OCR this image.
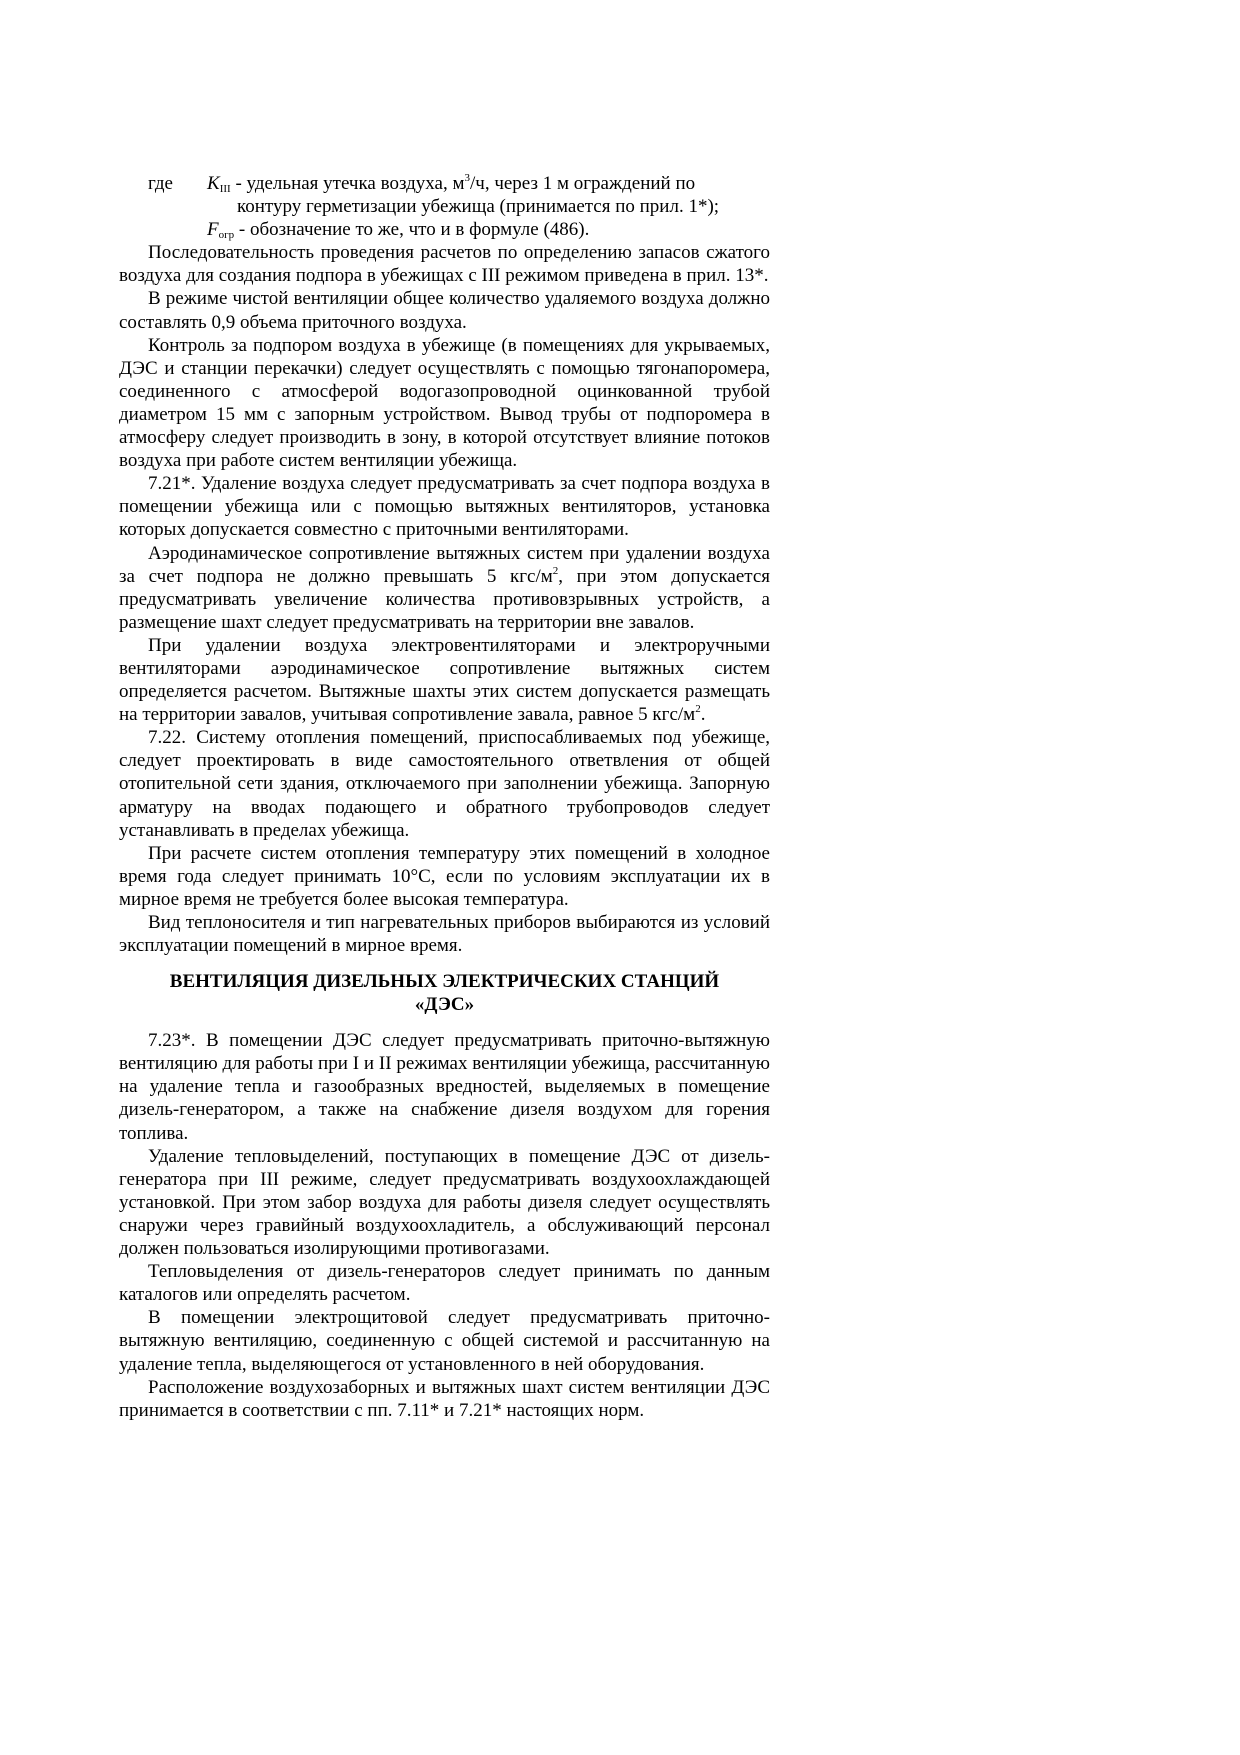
где $K_{III}$ - удельная утечка воздуха, $м^3/ч$, через 1 м ограждений по
контуру герметизации убежища (принимается по прил. 1*);
$F_{огр}$ - обозначение то же, что и в формуле (486).

Последовательность проведения расчетов по определению запасов сжатого воздуха для создания подпора в убежищах с III режимом приведена в прил. 13*.

В режиме чистой вентиляции общее количество удаляемого воздуха должно составлять 0,9 объема приточного воздуха.

Контроль за подпором воздуха в убежище (в помещениях для укрываемых, ДЭС и станции перекачки) следует осуществлять с помощью тягонапоромера, соединенного с атмосферой водогазопроводной оцинкованной трубой диаметром 15 мм с запорным устройством. Вывод трубы от подпоромера в атмосферу следует производить в зону, в которой отсутствует влияние потоков воздуха при работе систем вентиляции убежища.

7.21*. Удаление воздуха следует предусматривать за счет подпора воздуха в помещении убежища или с помощью вытяжных вентиляторов, установка которых допускается совместно с приточными вентиляторами.

Аэродинамическое сопротивление вытяжных систем при удалении воздуха за счет подпора не должно превышать 5 кгс/$м^2$, при этом допускается предусматривать увеличение количества противовзрывных устройств, а размещение шахт следует предусматривать на территории вне завалов.

При удалении воздуха электровентиляторами и электроручными вентиляторами аэродинамическое сопротивление вытяжных систем определяется расчетом. Вытяжные шахты этих систем допускается размещать на территории завалов, учитывая сопротивление завала, равное 5 кгс/$м^2$.

7.22. Систему отопления помещений, приспосабливаемых под убежище, следует проектировать в виде самостоятельного ответвления от общей отопительной сети здания, отключаемого при заполнении убежища. Запорную арматуру на вводах подающего и обратного трубопроводов следует устанавливать в пределах убежища.

При расчете систем отопления температуру этих помещений в холодное время года следует принимать 10°С, если по условиям эксплуатации их в мирное время не требуется более высокая температура.

Вид теплоносителя и тип нагревательных приборов выбираются из условий эксплуатации помещений в мирное время.

ВЕНТИЛЯЦИЯ ДИЗЕЛЬНЫХ ЭЛЕКТРИЧЕСКИХ СТАНЦИЙ
«ДЭС»

7.23*. В помещении ДЭС следует предусматривать приточно-вытяжную вентиляцию для работы при I и II режимах вентиляции убежища, рассчитанную на удаление тепла и газообразных вредностей, выделяемых в помещение дизель-генератором, а также на снабжение дизеля воздухом для горения топлива.

Удаление тепловыделений, поступающих в помещение ДЭС от дизель-генератора при III режиме, следует предусматривать воздухоохлаждающей установкой. При этом забор воздуха для работы дизеля следует осуществлять снаружи через гравийный воздухоохладитель, а обслуживающий персонал должен пользоваться изолирующими противогазами.

Тепловыделения от дизель-генераторов следует принимать по данным каталогов или определять расчетом.

В помещении электрощитовой следует предусматривать приточно-вытяжную вентиляцию, соединенную с общей системой и рассчитанную на удаление тепла, выделяющегося от установленного в ней оборудования.

Расположение воздухозаборных и вытяжных шахт систем вентиляции ДЭС принимается в соответствии с пп. 7.11* и 7.21* настоящих норм.
